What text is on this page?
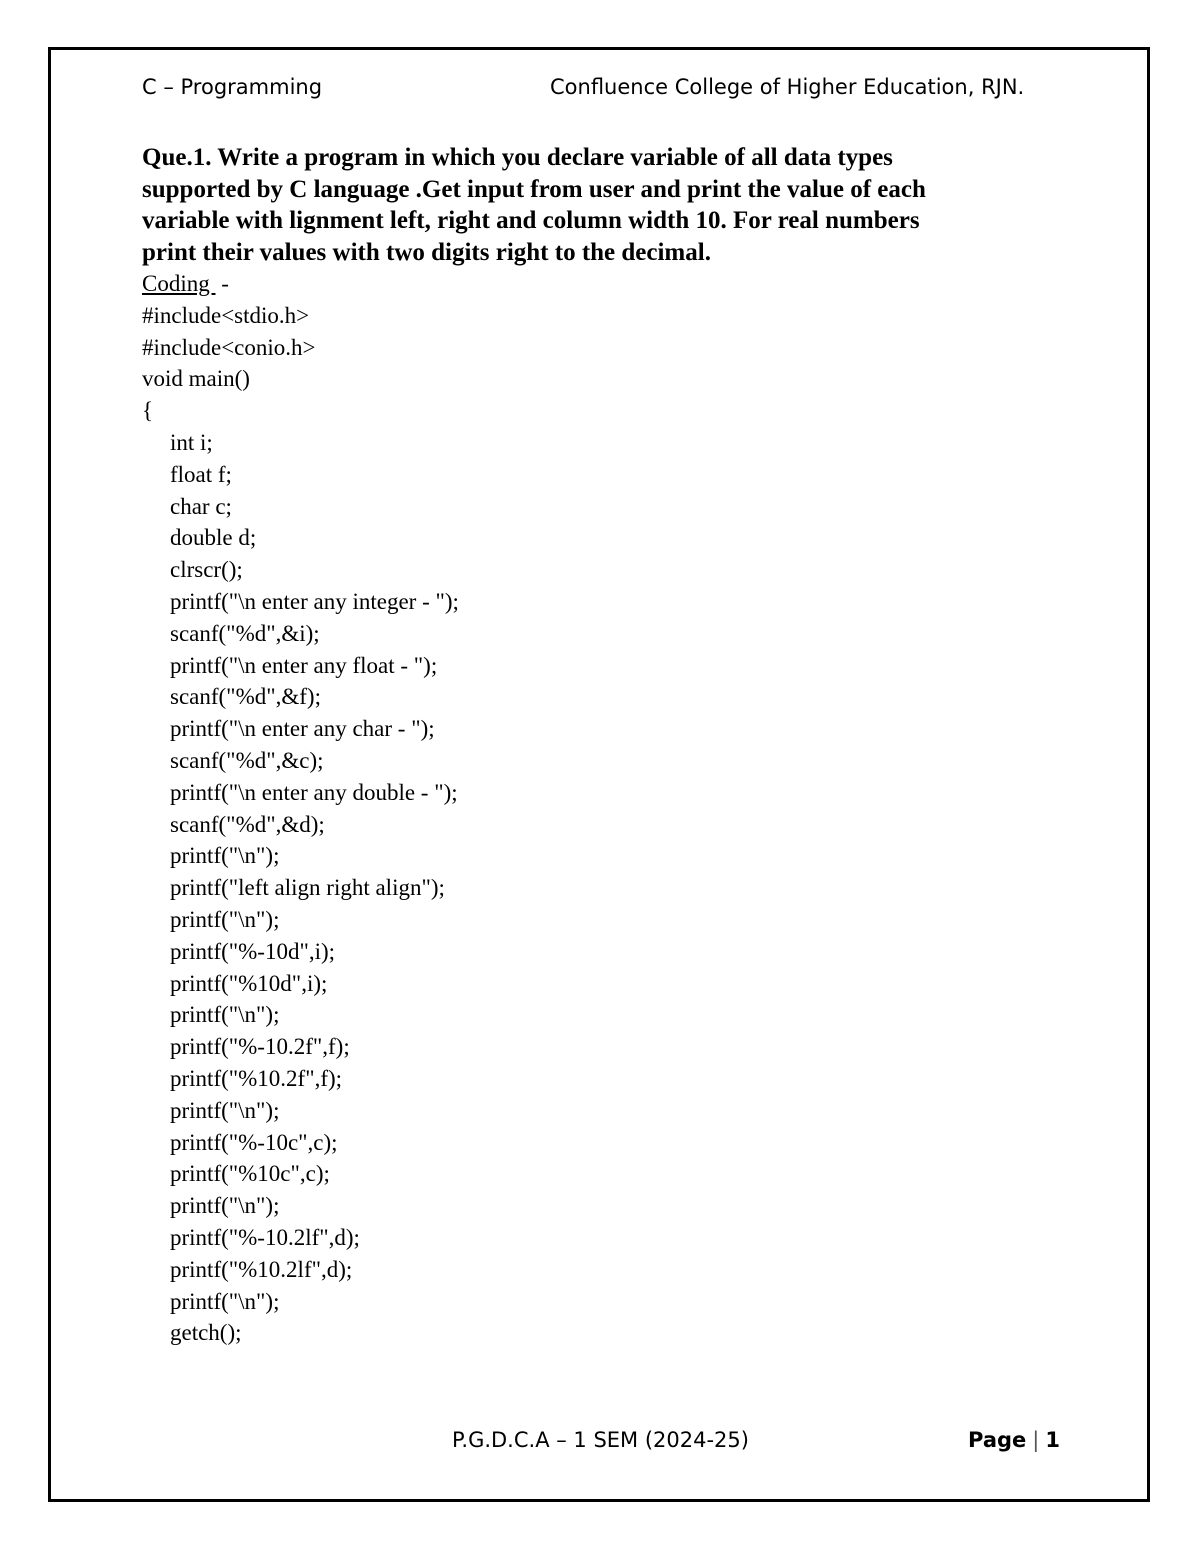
C – Programming	Confluence College of Higher Education, RJN.
Que.1. Write a program in which you declare variable of all data types
supported by C language .Get input from user and print the value of each
variable with lignment left, right and column width 10. For real numbers
print their values with two digits right to the decimal.
Coding  -
#include<stdio.h>
#include<conio.h>
void main()
{
int i;
float f;
char c;
double d;
clrscr();
printf("\n enter any integer - ");
scanf("%d",&i);
printf("\n enter any float - ");
scanf("%d",&f);
printf("\n enter any char - ");
scanf("%d",&c);
printf("\n enter any double - ");
scanf("%d",&d);
printf("\n");
printf("left align right align");
printf("\n");
printf("%-10d",i);
printf("%10d",i);
printf("\n");
printf("%-10.2f",f);
printf("%10.2f",f);
printf("\n");
printf("%-10c",c);
printf("%10c",c);
printf("\n");
printf("%-10.2lf",d);
printf("%10.2lf",d);
printf("\n");
getch();
P.G.D.C.A – 1 SEM (2024-25)	Page | 1
